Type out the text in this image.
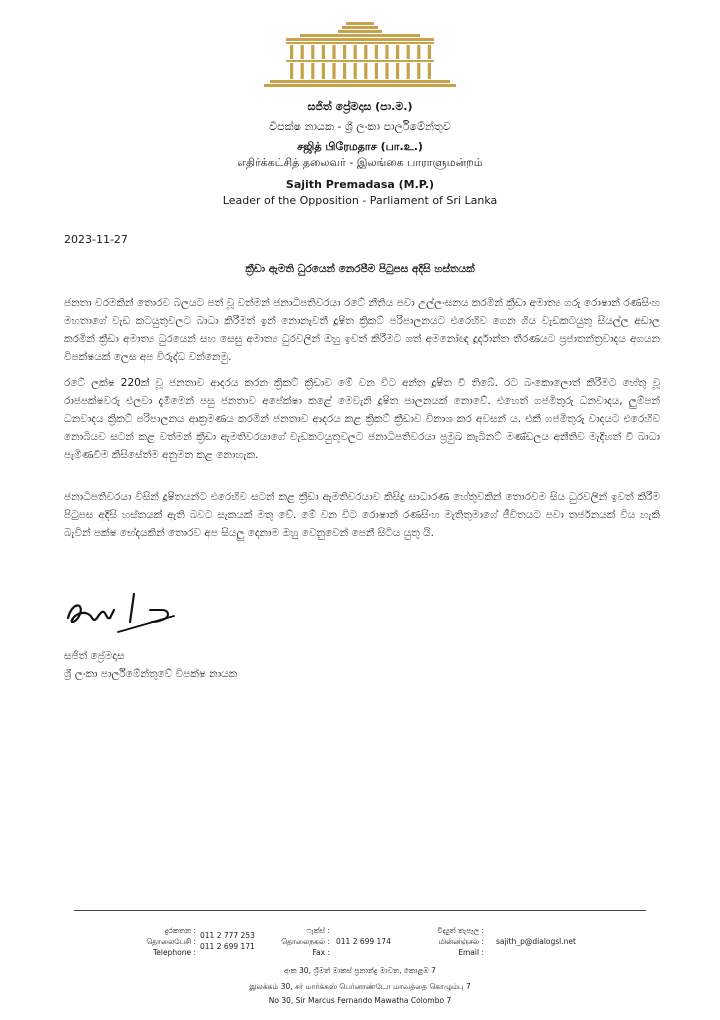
සජිත් ප්‍රේමදාස (පා.ම.)
විපක්ෂ නායක - ශ්‍රී ලංකා පාර්ලිමේන්තුව
சஜித் பிரேமதாச (பா.உ.)
எதிர்க்கட்சித் தலைவர் - இலங்கை பாராளுமன்றம்
Sajith Premadasa (M.P.)
Leader of the Opposition - Parliament of Sri Lanka
2023-11-27
ක්‍රීඩා ඇමති ධුරයෙන් නෙරපීම පිටුපස අදිසි හස්තයක්

ජනතා වරමකින් තොරව බලයට පත් වූ වත්මන් ජනාධිපතිවරයා රටේ නීතිය පවා උල්ලංඝනය කරමින් ක්‍රීඩා අමාත්‍ය ගරු රොෂාන් රණසිංහ මහතාගේ වැඩ කටයුතුවලට බාධා කිරීමත් ඉන් නොනැවතී දූෂිත ක්‍රිකට් පරිපාලනයට එරෙහිව ගෙන ගිය වැඩකටයුතු සියල්ල අඩාල කරමින් ක්‍රීඩා අමාත්‍ය ධුරයෙන් සහ සෙසු අමාත්‍ය ධුරවලින් ඔහු ඉවත් කිරීමට ගත් අමනෝඥ දූර්දාන්ත තීරණයට ප්‍රජාතන්ත්‍රවාදය අගයන විපක්ෂයක් ලෙස අප විරුද්ධ වන්නෙමු.

රටේ ලක්ෂ 220ක් වූ ජනතාව ආදරය කරන ක්‍රිකට් ක්‍රීඩාව මේ වන විට අන්ත දූෂිත වී තිබේ. රට බංකොලොත් කිරීමට හේතු වූ රාජපක්ෂවරු එලවා දැමීමෙන් පසු ජනතාව අපේක්ෂා කළේ මෙවැනි දූෂිත පාලනයක් නොවේ. එහෙත් ගජමිතුරු ධනවාදය, ලුම්පන් ධනවාදය ක්‍රිකට් පරිපාලනය ආක්‍රමණය කරමින් ජනතාව ආදරය කළ ක්‍රිකට් ක්‍රීඩාව විනාශ කර අවසන් ය. එකී ගජමිතුරු වාදයට එරෙහිව නොබියව සටන් කළ වත්මන් ක්‍රීඩා ඇමතිවරයාගේ වැඩකටයුතුවලට ජනාධිපතිවරයා ප්‍රමුඛ කැබිනට් මණ්ඩලය අනීතිව මැදිහත් වී බාධා පැමිණවීම කිසිසේත්ම අනුමත කළ නොහැක.

ජනාධිපතිවරයා විසින් දූෂිතයන්ට එරෙහිව සටන් කළ ක්‍රීඩා ඇමතිවරයාව කිසිදු සාධාරණ හේතුවකින් තොරවම සිය ධුරවලින් ඉවත් කිරීම පිටුපස අදිසි හස්තයක් ඇති බවට සැකයක් මතු වේ. මේ වන විට රොෂාන් රණසිංහ මැතිතුමාගේ ජීවිතයට පවා තර්ජනයක් විය හැකි බැවින් පක්ෂ භේදයකින් තොරව අප සියලු දෙනාම ඔහු වෙනුවෙන් පෙනී සිටිය යුතු යි.

සජිත් ප්‍රේමදාස
ශ්‍රී ලංකා පාර්ලිමේන්තුවේ විපක්ෂ නායක
දුරකතන :
தொலைபேசி :
Telephone :
011 2 777 253
011 2 699 171
ෆැක්ස් :
தொலைநகல் :
Fax :
011 2 699 174
විද්‍යුත් තැපෑල :
மின்னஞ்சல் :
Email :
sajith_p@dialogsl.net
අංක 30, ශ්‍රීමත් මාකස් ප්‍රනාන්දු මාවත, කොළඹ 7
இலக்கம் 30, சர் மார்க்கஸ் பெர்னாண்டோ மாவத்தை கொழும்பு 7
No 30, Sir Marcus Fernando Mawatha Colombo 7
